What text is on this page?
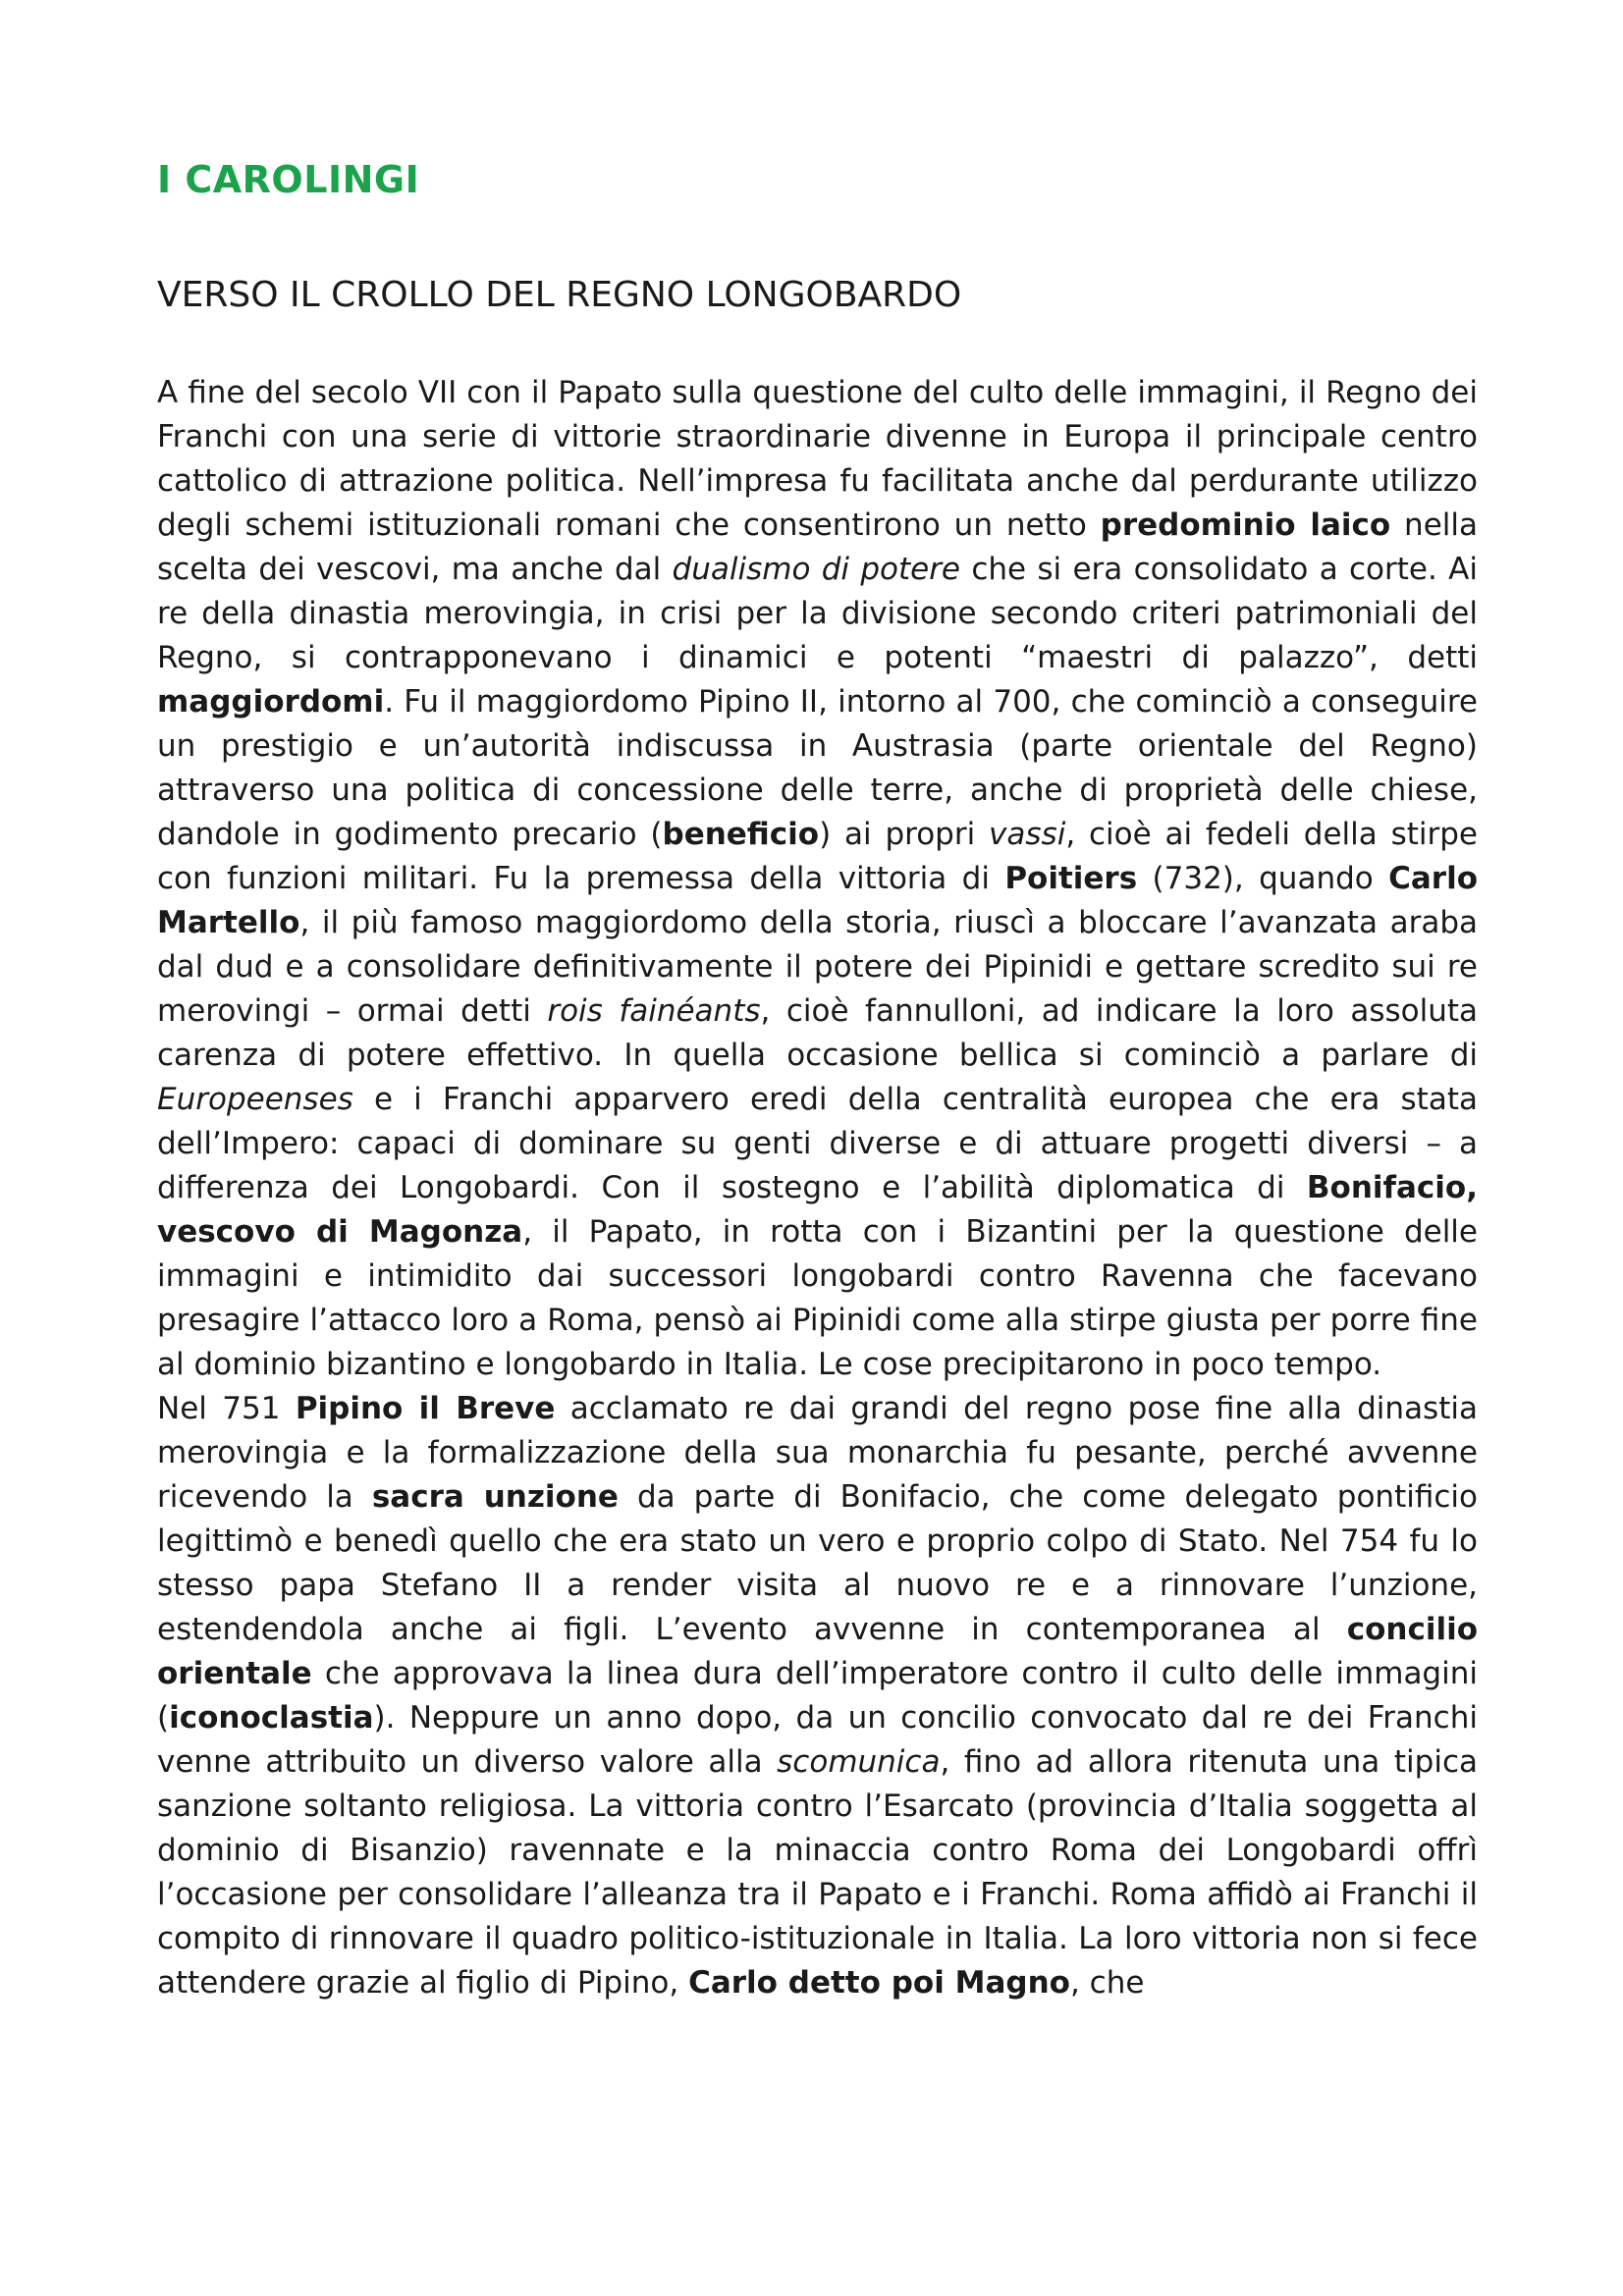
I CAROLINGI
VERSO IL CROLLO DEL REGNO LONGOBARDO

A fine del secolo VII con il Papato sulla questione del culto delle immagini, il Regno dei Franchi con una serie di vittorie straordinarie divenne in Europa il principale centro cattolico di attrazione politica. Nell’impresa fu facilitata anche dal perdurante utilizzo degli schemi istituzionali romani che consentirono un netto predominio laico nella scelta dei vescovi, ma anche dal dualismo di potere che si era consolidato a corte. Ai re della dinastia merovingia, in crisi per la divisione secondo criteri patrimoniali del Regno, si contrapponevano i dinamici e potenti “maestri di palazzo”, detti maggiordomi. Fu il maggiordomo Pipino II, intorno al 700, che cominciò a conseguire un prestigio e un’autorità indiscussa in Austrasia (parte orientale del Regno) attraverso una politica di concessione delle terre, anche di proprietà delle chiese, dandole in godimento precario (beneficio) ai propri vassi, cioè ai fedeli della stirpe con funzioni militari. Fu la premessa della vittoria di Poitiers (732), quando Carlo Martello, il più famoso maggiordomo della storia, riuscì a bloccare l’avanzata araba dal dud e a consolidare definitivamente il potere dei Pipinidi e gettare scredito sui re merovingi – ormai detti rois fainéants, cioè fannulloni, ad indicare la loro assoluta carenza di potere effettivo. In quella occasione bellica si cominciò a parlare di Europeenses e i Franchi apparvero eredi della centralità europea che era stata dell’Impero: capaci di dominare su genti diverse e di attuare progetti diversi – a differenza dei Longobardi. Con il sostegno e l’abilità diplomatica di Bonifacio, vescovo di Magonza, il Papato, in rotta con i Bizantini per la questione delle immagini e intimidito dai successori longobardi contro Ravenna che facevano presagire l’attacco loro a Roma, pensò ai Pipinidi come alla stirpe giusta per porre fine al dominio bizantino e longobardo in Italia. Le cose precipitarono in poco tempo.

Nel 751 Pipino il Breve acclamato re dai grandi del regno pose fine alla dinastia merovingia e la formalizzazione della sua monarchia fu pesante, perché avvenne ricevendo la sacra unzione da parte di Bonifacio, che come delegato pontificio legittimò e benedì quello che era stato un vero e proprio colpo di Stato. Nel 754 fu lo stesso papa Stefano II a render visita al nuovo re e a rinnovare l’unzione, estendendola anche ai figli. L’evento avvenne in contemporanea al concilio orientale che approvava la linea dura dell’imperatore contro il culto delle immagini (iconoclastia). Neppure un anno dopo, da un concilio convocato dal re dei Franchi venne attribuito un diverso valore alla scomunica, fino ad allora ritenuta una tipica sanzione soltanto religiosa. La vittoria contro l’Esarcato (provincia d’Italia soggetta al dominio di Bisanzio) ravennate e la minaccia contro Roma dei Longobardi offrì l’occasione per consolidare l’alleanza tra il Papato e i Franchi. Roma affidò ai Franchi il compito di rinnovare il quadro politico-istituzionale in Italia. La loro vittoria non si fece attendere grazie al figlio di Pipino, Carlo detto poi Magno, che
